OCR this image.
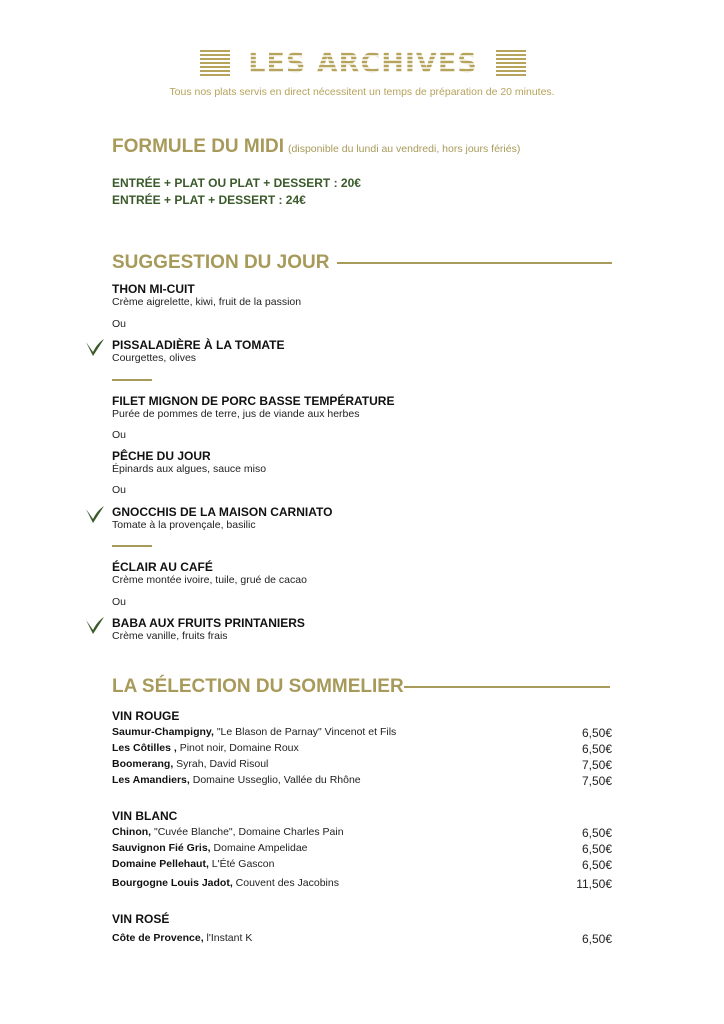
LES ARCHIVES
Tous nos plats servis en direct nécessitent un temps de préparation de 20 minutes.
FORMULE DU MIDI (disponible du lundi au vendredi, hors jours fériés)
ENTRÉE + PLAT OU PLAT + DESSERT : 20€
ENTRÉE + PLAT + DESSERT : 24€
SUGGESTION DU JOUR
THON MI-CUIT
Crème aigrelette, kiwi, fruit de la passion
Ou
PISSALADIÈRE À LA TOMATE
Courgettes, olives
FILET MIGNON DE PORC BASSE TEMPÉRATURE
Purée de pommes de terre, jus de viande aux herbes
Ou
PÊCHE DU JOUR
Épinards aux algues, sauce miso
Ou
GNOCCHIS DE LA MAISON CARNIATO
Tomate à la provençale, basilic
ÉCLAIR AU CAFÉ
Crème montée ivoire, tuile, grué de cacao
Ou
BABA AUX FRUITS PRINTANIERS
Crème vanille, fruits frais
LA SÉLECTION DU SOMMELIER
VIN ROUGE
Saumur-Champigny, "Le Blason de Parnay" Vincenot et Fils	6,50€
Les Côtilles , Pinot noir, Domaine Roux	6,50€
Boomerang, Syrah, David Risoul	7,50€
Les Amandiers, Domaine Usseglio, Vallée du Rhône	7,50€
VIN BLANC
Chinon, "Cuvée Blanche", Domaine Charles Pain	6,50€
Sauvignon Fié Gris, Domaine Ampelidae	6,50€
Domaine Pellehaut, L'Été Gascon	6,50€
Bourgogne Louis Jadot, Couvent des Jacobins	11,50€
VIN ROSÉ
Côte de Provence, l'Instant K	6,50€
